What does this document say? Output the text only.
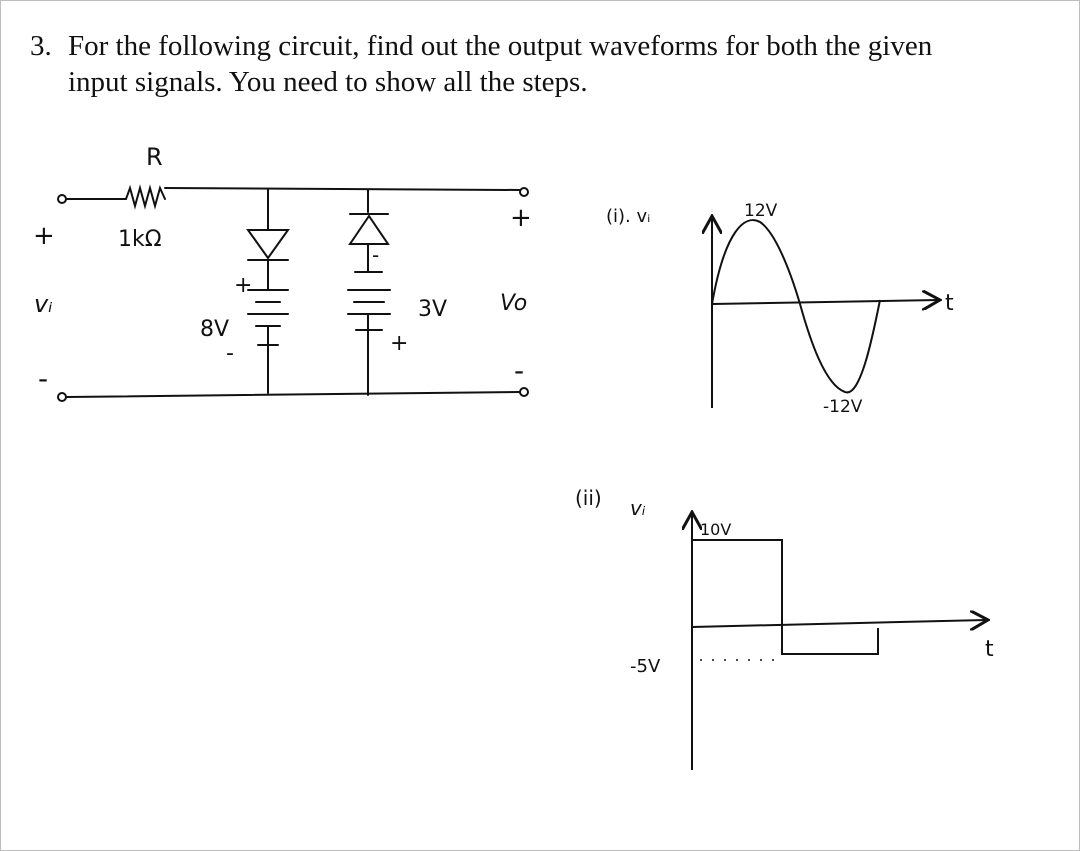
3. For the following circuit, find out the output waveforms for both the given
input signals. You need to show all the steps.
R
1kΩ
+
vᵢ
-
+
Vo
-
8V
+
-
3V
+
-
(i). vᵢ	12V
-12V
t
(ii) vᵢ
10V
-5V
t
